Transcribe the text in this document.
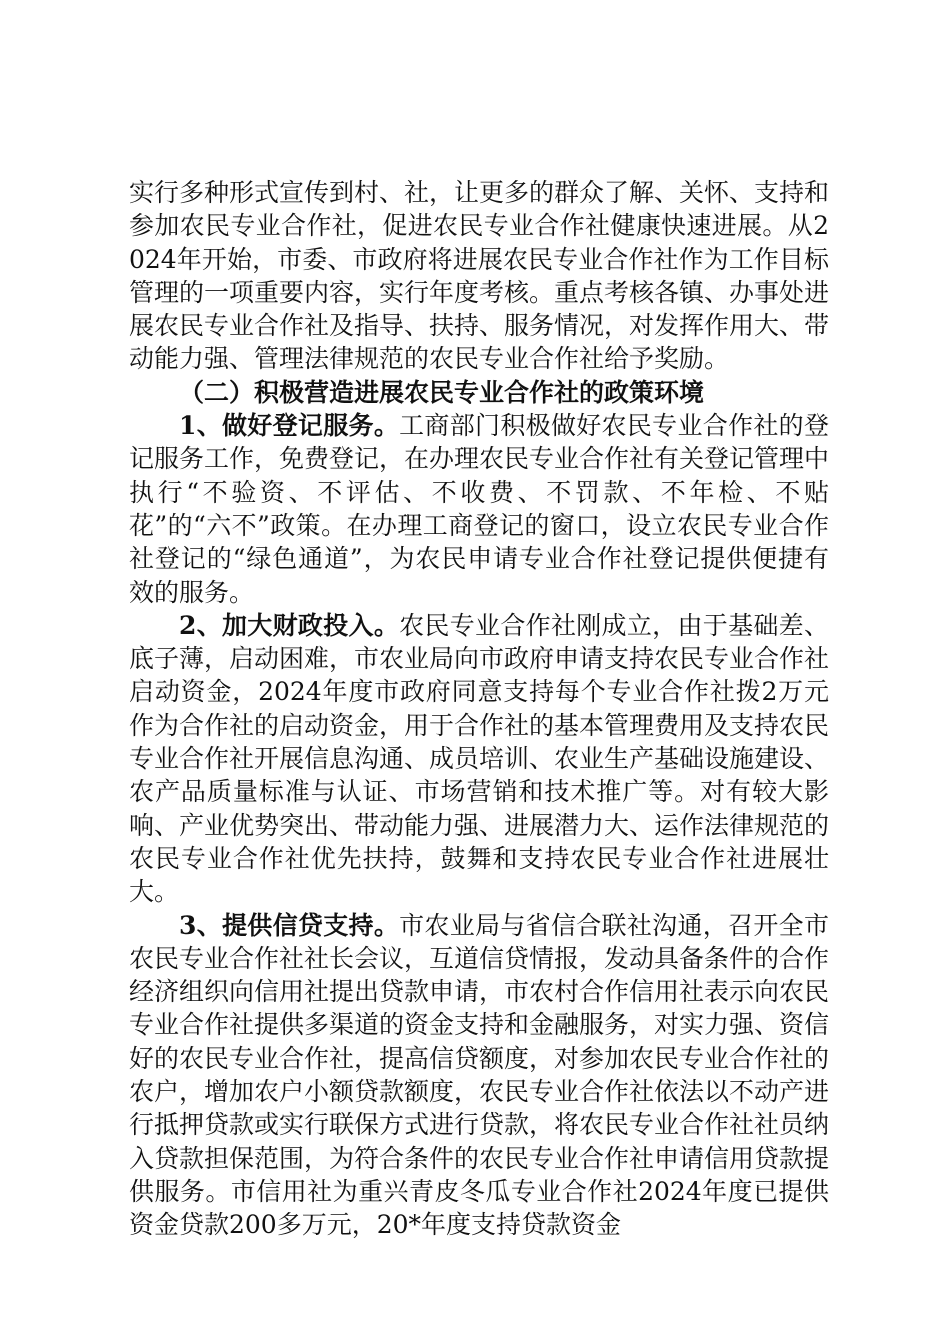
实行多种形式宣传到村、社，让更多的群众了解、关怀、支持和参加农民专业合作社，促进农民专业合作社健康快速进展。从2024年开始，市委、市政府将进展农民专业合作社作为工作目标管理的一项重要内容，实行年度考核。重点考核各镇、办事处进展农民专业合作社及指导、扶持、服务情况，对发挥作用大、带动能力强、管理法律规范的农民专业合作社给予奖励。

（二）积极营造进展农民专业合作社的政策环境

1、做好登记服务。工商部门积极做好农民专业合作社的登记服务工作，免费登记，在办理农民专业合作社有关登记管理中执行“不验资、不评估、不收费、不罚款、不年检、不贴花”的“六不”政策。在办理工商登记的窗口，设立农民专业合作社登记的“绿色通道”，为农民申请专业合作社登记提供便捷有效的服务。

2、加大财政投入。农民专业合作社刚成立，由于基础差、底子薄，启动困难，市农业局向市政府申请支持农民专业合作社启动资金，2024年度市政府同意支持每个专业合作社拨2万元作为合作社的启动资金，用于合作社的基本管理费用及支持农民专业合作社开展信息沟通、成员培训、农业生产基础设施建设、农产品质量标准与认证、市场营销和技术推广等。对有较大影响、产业优势突出、带动能力强、进展潜力大、运作法律规范的农民专业合作社优先扶持，鼓舞和支持农民专业合作社进展壮大。

3、提供信贷支持。市农业局与省信合联社沟通，召开全市农民专业合作社社长会议，互道信贷情报，发动具备条件的合作经济组织向信用社提出贷款申请，市农村合作信用社表示向农民专业合作社提供多渠道的资金支持和金融服务，对实力强、资信好的农民专业合作社，提高信贷额度，对参加农民专业合作社的农户，增加农户小额贷款额度，农民专业合作社依法以不动产进行抵押贷款或实行联保方式进行贷款，将农民专业合作社社员纳入贷款担保范围，为符合条件的农民专业合作社申请信用贷款提供服务。市信用社为重兴青皮冬瓜专业合作社2024年度已提供资金贷款200多万元，20*年度支持贷款资金
